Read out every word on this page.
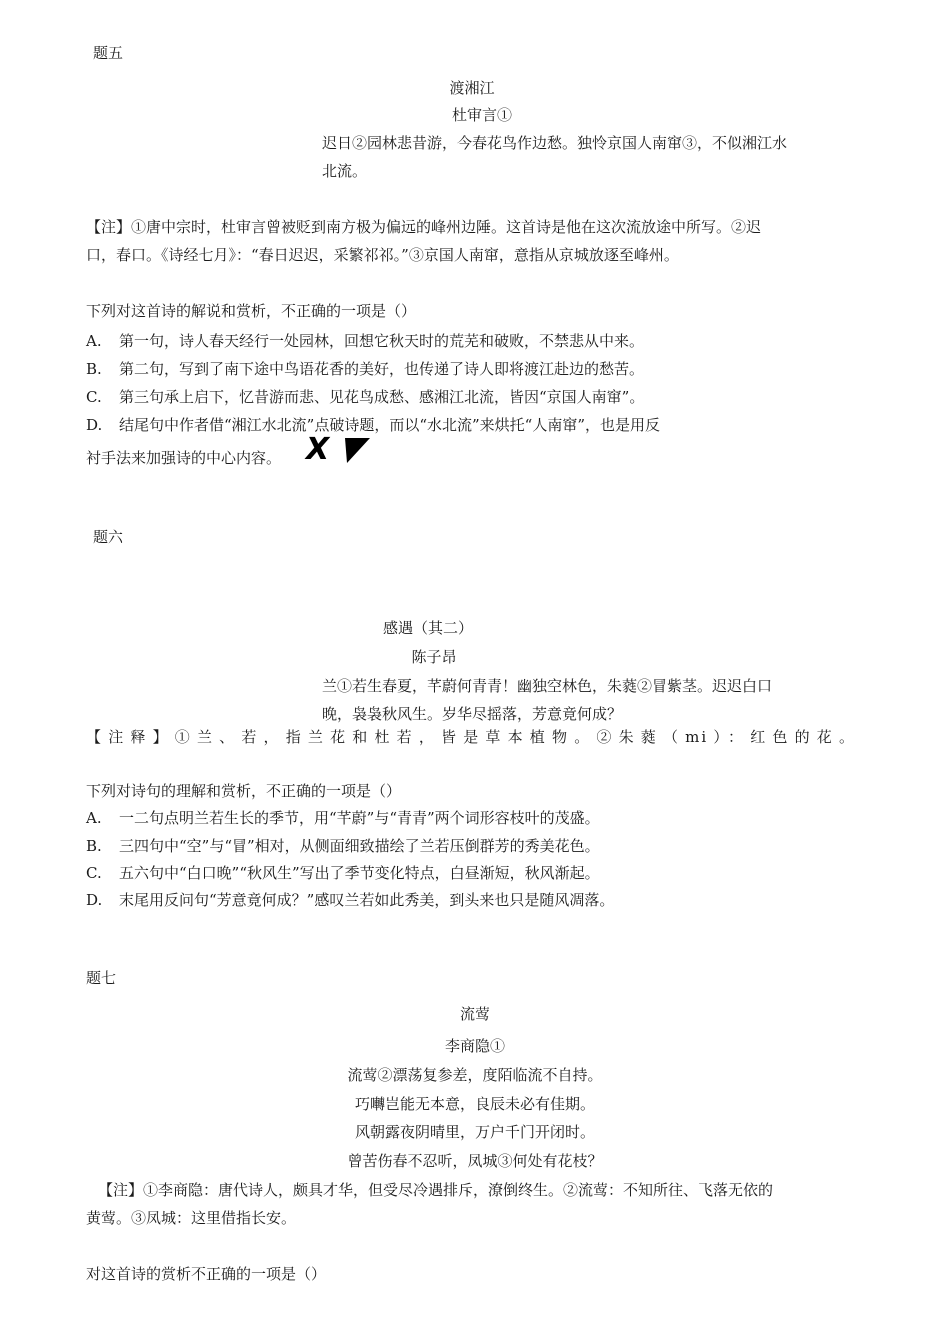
题五
渡湘江
杜审言①
迟日②园林悲昔游，今春花鸟作边愁。独怜京国人南窜③，不似湘江水
北流。
【注】①唐中宗时，杜审言曾被贬到南方极为偏远的峰州边陲。这首诗是他在这次流放途中所写。②迟
口，春口。《诗经七月》：“春日迟迟，采繁祁祁。”③京国人南窜，意指从京城放逐至峰州。
下列对这首诗的解说和赏析，不正确的一项是（）
A. 第一句，诗人春天经行一处园林，回想它秋天时的荒芜和破败，不禁悲从中来。
B. 第二句，写到了南下途中鸟语花香的美好，也传递了诗人即将渡江赴边的愁苦。
C. 第三句承上启下，忆昔游而悲、见花鸟成愁、感湘江北流，皆因“京国人南窜”。
D. 结尾句中作者借“湘江水北流”点破诗题，而以“水北流”来烘托“人南窜”，也是用反
衬手法来加强诗的中心内容。 X
题六
感遇（其二）
陈子昂
兰①若生春夏，芊蔚何青青！幽独空林色，朱蕤②冒紫茎。迟迟白口
晚，袅袅秋风生。岁华尽摇落，芳意竟何成？
【注释】①兰、若，指兰花和杜若，皆是草本植物。②朱蕤（mi）：红色的花。
下列对诗句的理解和赏析，不正确的一项是（）
A. 一二句点明兰若生长的季节，用“芊蔚”与“青青”两个词形容枝叶的茂盛。
B. 三四句中“空”与“冒”相对，从侧面细致描绘了兰若压倒群芳的秀美花色。
C. 五六句中“白口晚”“秋风生”写出了季节变化特点，白昼渐短，秋风渐起。
D. 末尾用反问句“芳意竟何成？”感叹兰若如此秀美，到头来也只是随风凋落。
题七
流莺
李商隐①
流莺②漂荡复参差，度陌临流不自持。
巧囀岂能无本意，良辰未必有佳期。
风朝露夜阴晴里，万户千门开闭时。
曾苦伤春不忍听，凤城③何处有花枝？
【注】①李商隐：唐代诗人，颇具才华，但受尽冷遇排斥，潦倒终生。②流莺：不知所往、飞落无依的
黄莺。③凤城：这里借指长安。
对这首诗的赏析不正确的一项是（）
